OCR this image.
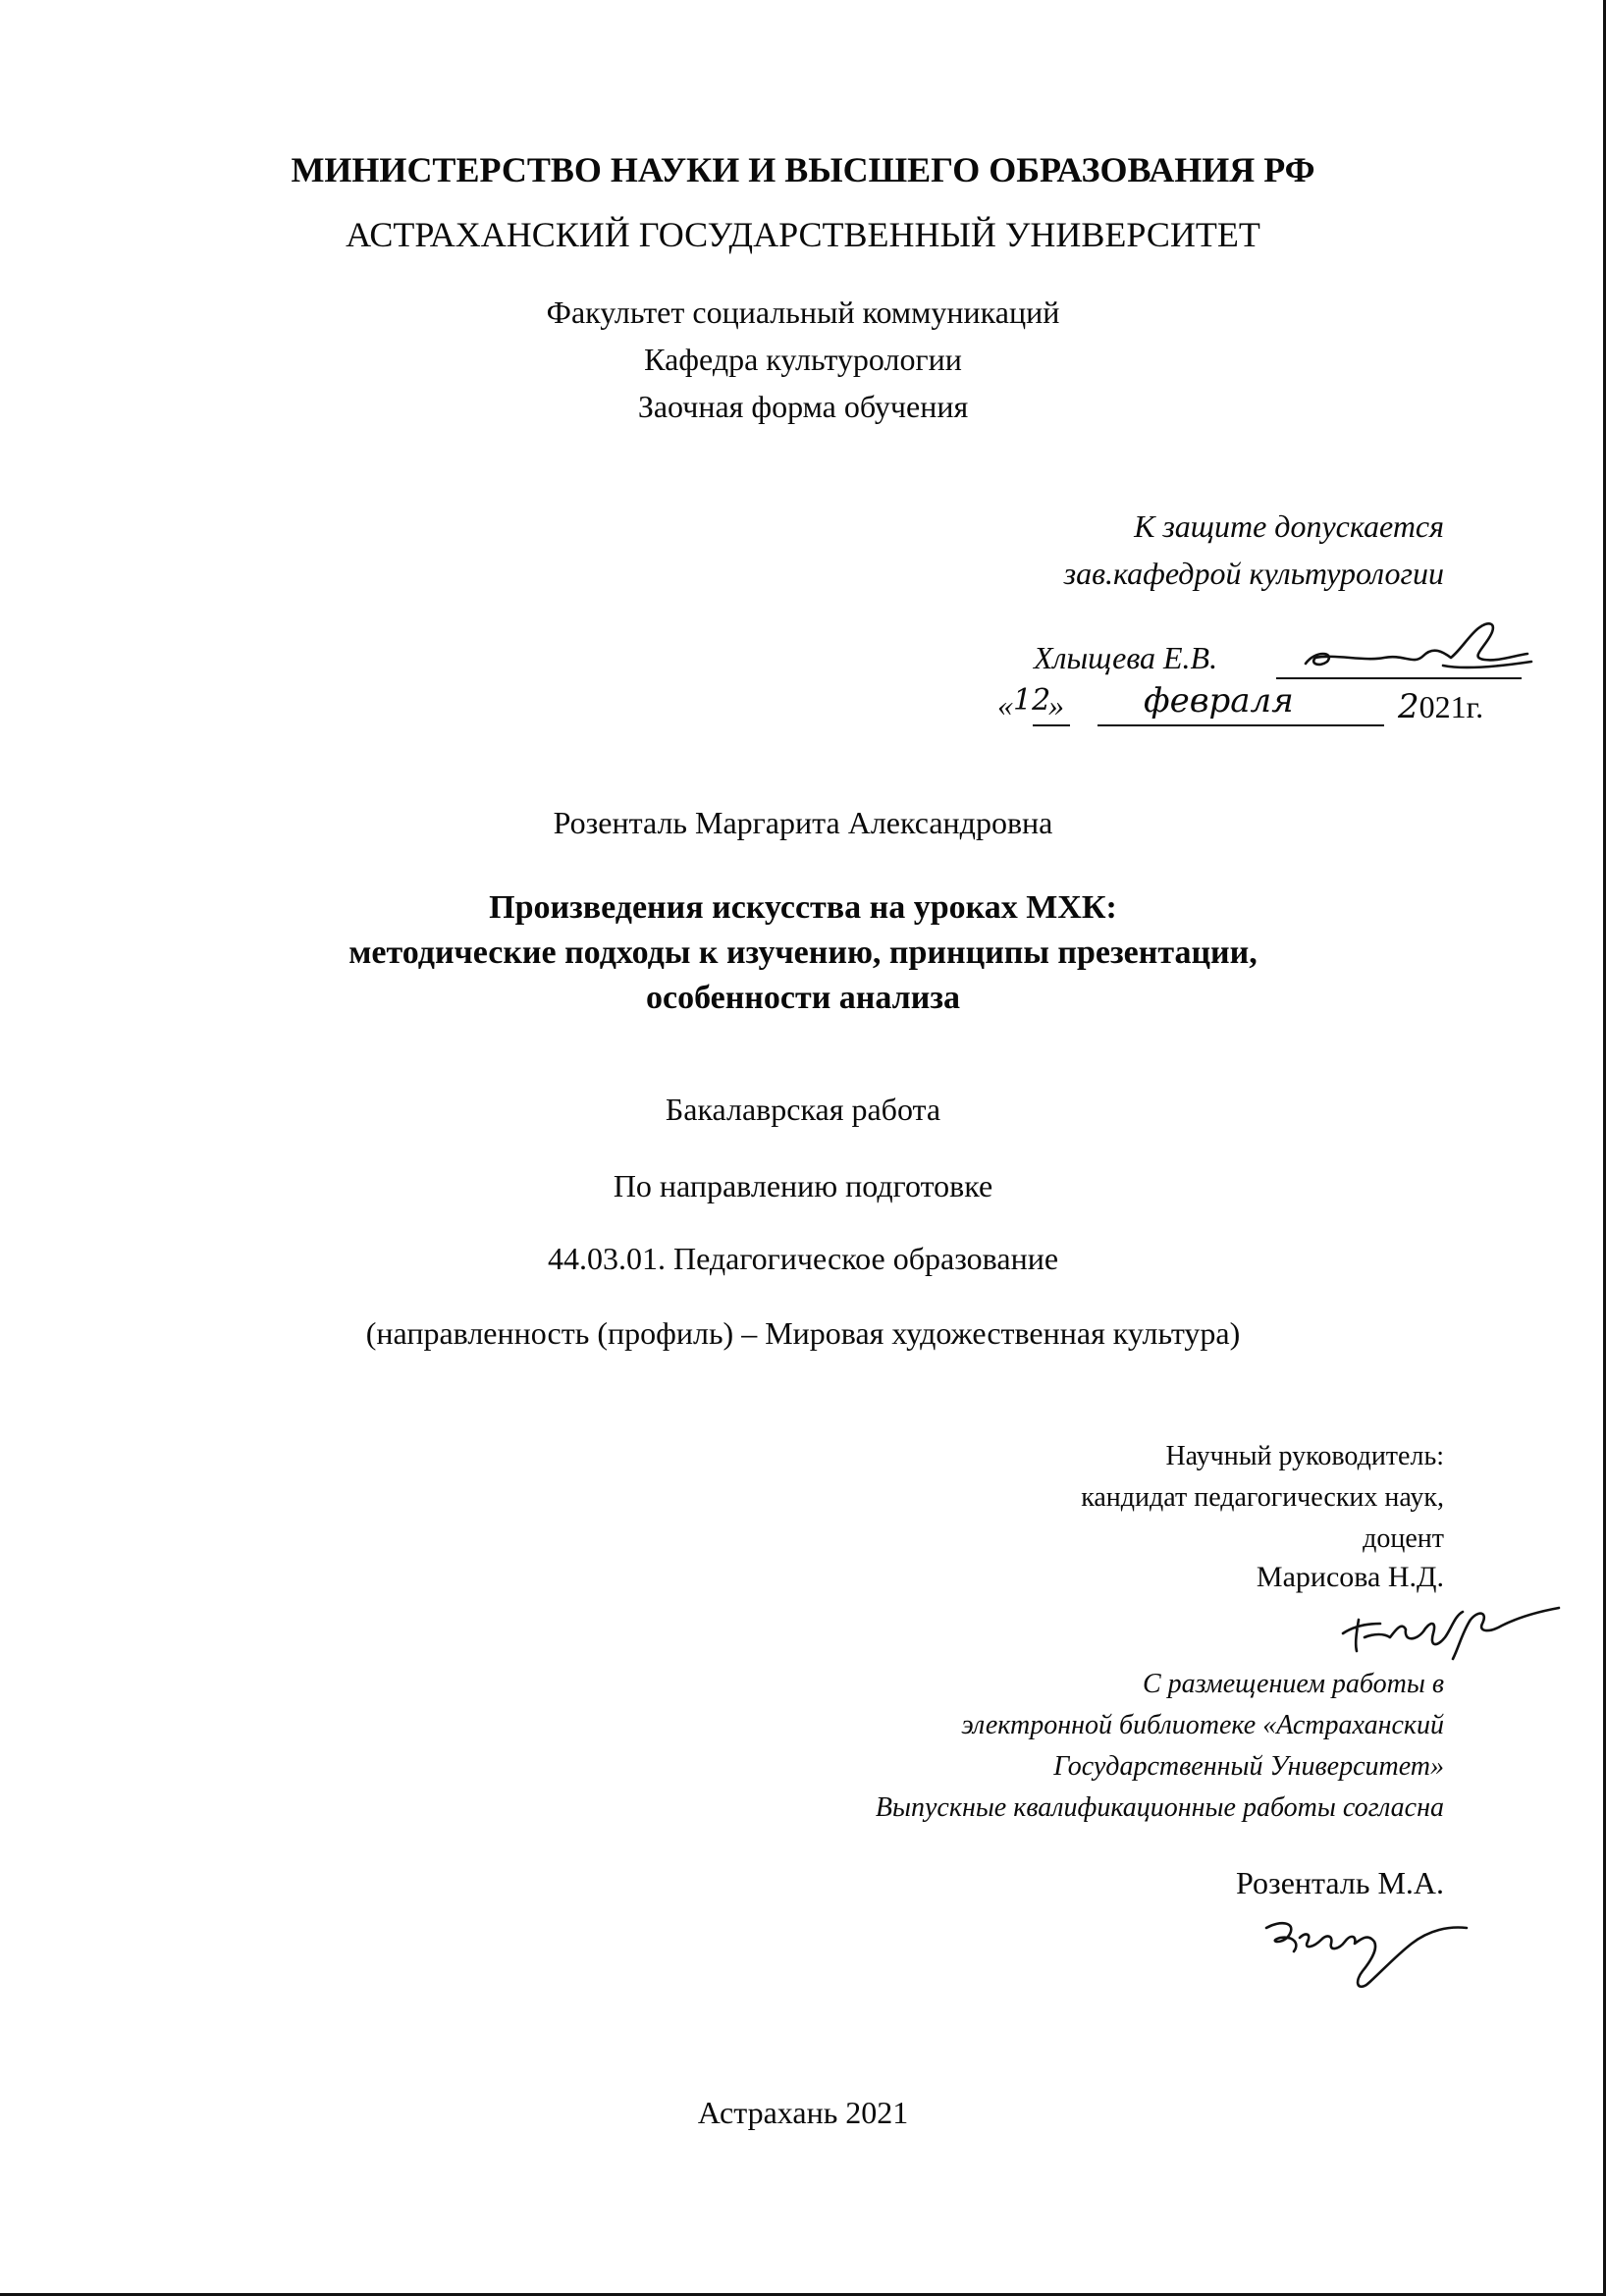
МИНИСТЕРСТВО НАУКИ И ВЫСШЕГО ОБРАЗОВАНИЯ РФ
АСТРАХАНСКИЙ ГОСУДАРСТВЕННЫЙ УНИВЕРСИТЕТ
Факультет социальный коммуникаций
Кафедра культурологии
Заочная форма обучения
К защите допускается
зав.кафедрой культурологии
Хлыщева Е.В.
«12» февраля	2021г.
Розенталь Маргарита Александровна
Произведения искусства на уроках МХК:
методические подходы к изучению, принципы презентации,
особенности анализа
Бакалаврская работа
По направлению подготовке
44.03.01. Педагогическое образование
(направленность (профиль) – Мировая художественная культура)
Научный руководитель:
кандидат педагогических наук,
доцент
Марисова Н.Д.
С размещением работы в
электронной библиотеке «Астраханский
Государственный Университет»
Выпускные квалификационные работы согласна
Розенталь М.А.
Астрахань 2021
